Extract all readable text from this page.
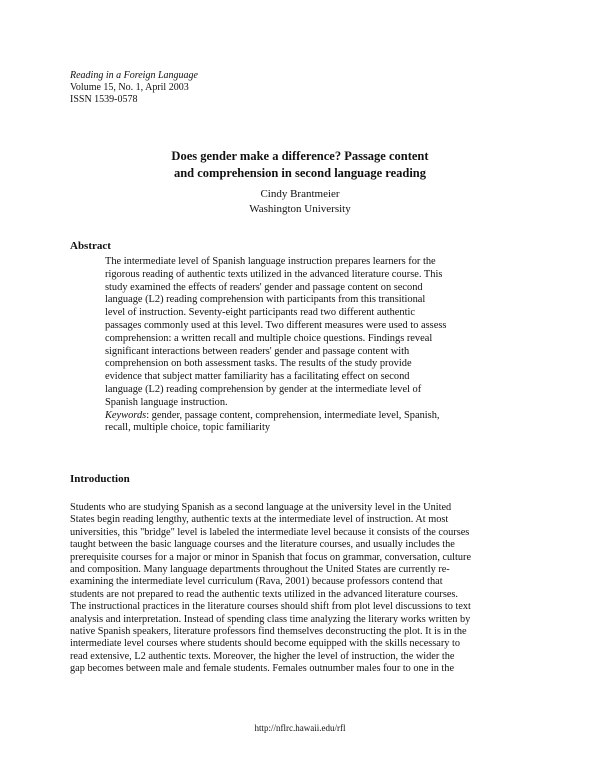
Reading in a Foreign Language
Volume 15, No. 1, April 2003
ISSN 1539-0578
Does gender make a difference? Passage content
and comprehension in second language reading
Cindy Brantmeier
Washington University
Abstract
The intermediate level of Spanish language instruction prepares learners for the
rigorous reading of authentic texts utilized in the advanced literature course. This
study examined the effects of readers' gender and passage content on second
language (L2) reading comprehension with participants from this transitional
level of instruction. Seventy-eight participants read two different authentic
passages commonly used at this level. Two different measures were used to assess
comprehension: a written recall and multiple choice questions. Findings reveal
significant interactions between readers' gender and passage content with
comprehension on both assessment tasks. The results of the study provide
evidence that subject matter familiarity has a facilitating effect on second
language (L2) reading comprehension by gender at the intermediate level of
Spanish language instruction.
Keywords: gender, passage content, comprehension, intermediate level, Spanish,
recall, multiple choice, topic familiarity
Introduction
Students who are studying Spanish as a second language at the university level in the United
States begin reading lengthy, authentic texts at the intermediate level of instruction. At most
universities, this "bridge" level is labeled the intermediate level because it consists of the courses
taught between the basic language courses and the literature courses, and usually includes the
prerequisite courses for a major or minor in Spanish that focus on grammar, conversation, culture
and composition. Many language departments throughout the United States are currently re-
examining the intermediate level curriculum (Rava, 2001) because professors contend that
students are not prepared to read the authentic texts utilized in the advanced literature courses.
The instructional practices in the literature courses should shift from plot level discussions to text
analysis and interpretation. Instead of spending class time analyzing the literary works written by
native Spanish speakers, literature professors find themselves deconstructing the plot. It is in the
intermediate level courses where students should become equipped with the skills necessary to
read extensive, L2 authentic texts. Moreover, the higher the level of instruction, the wider the
gap becomes between male and female students. Females outnumber males four to one in the
http://nflrc.hawaii.edu/rfl
